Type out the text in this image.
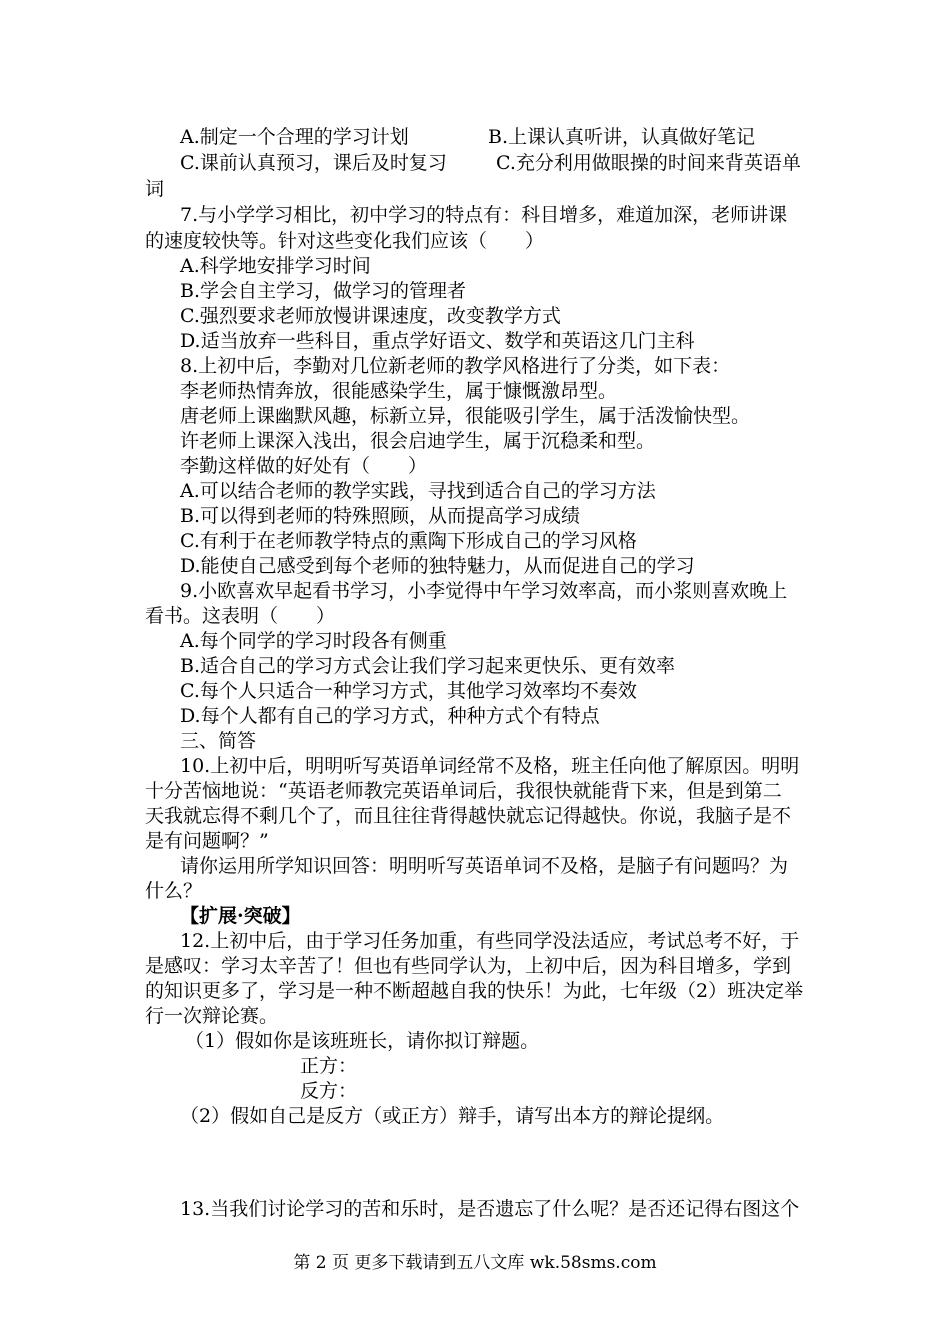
A.制定一个合理的学习计划	B.上课认真听讲，认真做好笔记
C.课前认真预习，课后及时复习	C.充分利用做眼操的时间来背英语单
词
7.与小学学习相比，初中学习的特点有：科目增多，难道加深，老师讲课
的速度较快等。针对这些变化我们应该（　　）
A.科学地安排学习时间
B.学会自主学习，做学习的管理者
C.强烈要求老师放慢讲课速度，改变教学方式
D.适当放弃一些科目，重点学好语文、数学和英语这几门主科
8.上初中后，李勤对几位新老师的教学风格进行了分类，如下表：
李老师热情奔放，很能感染学生，属于慷慨激昂型。
唐老师上课幽默风趣，标新立异，很能吸引学生，属于活泼愉快型。
许老师上课深入浅出，很会启迪学生，属于沉稳柔和型。
李勤这样做的好处有（　　）
A.可以结合老师的教学实践，寻找到适合自己的学习方法
B.可以得到老师的特殊照顾，从而提高学习成绩
C.有利于在老师教学特点的熏陶下形成自己的学习风格
D.能使自己感受到每个老师的独特魅力，从而促进自己的学习
9.小欧喜欢早起看书学习，小李觉得中午学习效率高，而小浆则喜欢晚上
看书。这表明（　　）
A.每个同学的学习时段各有侧重
B.适合自己的学习方式会让我们学习起来更快乐、更有效率
C.每个人只适合一种学习方式，其他学习效率均不奏效
D.每个人都有自己的学习方式，种种方式个有特点
三、简答
10.上初中后，明明听写英语单词经常不及格，班主任向他了解原因。明明
十分苦恼地说：“英语老师教完英语单词后，我很快就能背下来，但是到第二
天我就忘得不剩几个了，而且往往背得越快就忘记得越快。你说，我脑子是不
是有问题啊？”
请你运用所学知识回答：明明听写英语单词不及格，是脑子有问题吗？为
什么？
【扩展·突破】
12.上初中后，由于学习任务加重，有些同学没法适应，考试总考不好，于
是感叹：学习太辛苦了！但也有些同学认为，上初中后，因为科目增多，学到
的知识更多了，学习是一种不断超越自我的快乐！为此，七年级（2）班决定举
行一次辩论赛。
（1）假如你是该班班长，请你拟订辩题。
正方：
反方：
（2）假如自己是反方（或正方）辩手，请写出本方的辩论提纲。
13.当我们讨论学习的苦和乐时，是否遗忘了什么呢？是否还记得右图这个
第 2 页 更多下载请到五八文库 wk.58sms.com
